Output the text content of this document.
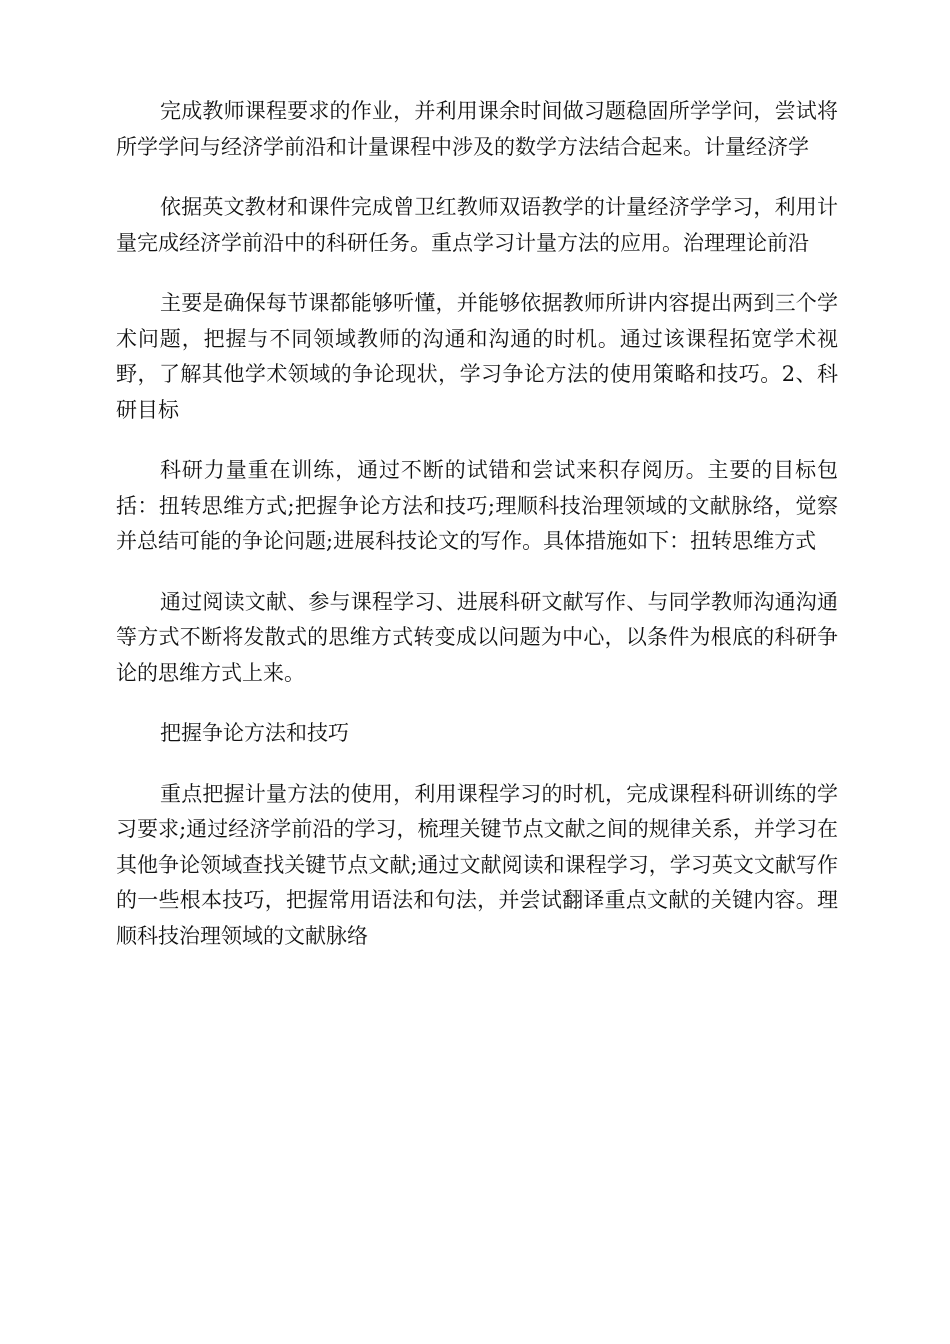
完成教师课程要求的作业，并利用课余时间做习题稳固所学学问，尝试将所学学问与经济学前沿和计量课程中涉及的数学方法结合起来。计量经济学

依据英文教材和课件完成曾卫红教师双语教学的计量经济学学习，利用计量完成经济学前沿中的科研任务。重点学习计量方法的应用。治理理论前沿

主要是确保每节课都能够听懂，并能够依据教师所讲内容提出两到三个学术问题，把握与不同领域教师的沟通和沟通的时机。通过该课程拓宽学术视野，了解其他学术领域的争论现状，学习争论方法的使用策略和技巧。2、科研目标

科研力量重在训练，通过不断的试错和尝试来积存阅历。主要的目标包括：扭转思维方式;把握争论方法和技巧;理顺科技治理领域的文献脉络，觉察并总结可能的争论问题;进展科技论文的写作。具体措施如下：扭转思维方式

通过阅读文献、参与课程学习、进展科研文献写作、与同学教师沟通沟通等方式不断将发散式的思维方式转变成以问题为中心，以条件为根底的科研争论的思维方式上来。

把握争论方法和技巧

重点把握计量方法的使用，利用课程学习的时机，完成课程科研训练的学习要求;通过经济学前沿的学习，梳理关键节点文献之间的规律关系，并学习在其他争论领域查找关键节点文献;通过文献阅读和课程学习，学习英文文献写作的一些根本技巧，把握常用语法和句法，并尝试翻译重点文献的关键内容。理顺科技治理领域的文献脉络
